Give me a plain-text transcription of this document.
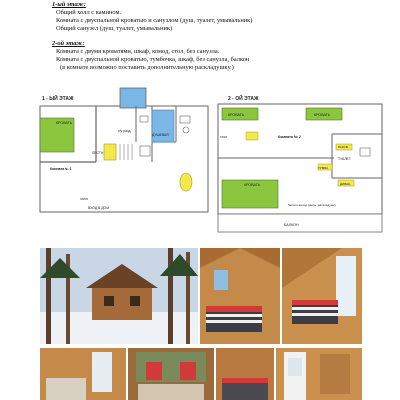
1-ый этаж:
Общий холл с камином.
Комната с двуспальной кроватью и санузлом (душ, туалет, умывальник)
Общий санузел (душ, туалет, умывальник)
2-ой этаж:
Комната с двумя кроватями, шкаф, комод, стол, без санузла.
Комната с двуспальной кроватью, тумбочка, шкаф, без санузла, балкон
(в комнате возможно поставить дополнительную раскладушку.)
1 - ЫЙ ЭТАЖ
КРОВАТЬ
ДУШЕВАЯ
с/у разд
ЛЕСТН
Комната № 1
холл
ВХОД В ДОМ
2 - ОЙ ЭТАЖ
КРОВАТЬ	КРОВАТЬ
КРОВАТЬ
стол	Комната № 2
РАКОВ
ТУАЛЕТ
ТУМБА
ДИВАН
балкон выход дверь, раскладушку
БАЛКОН
